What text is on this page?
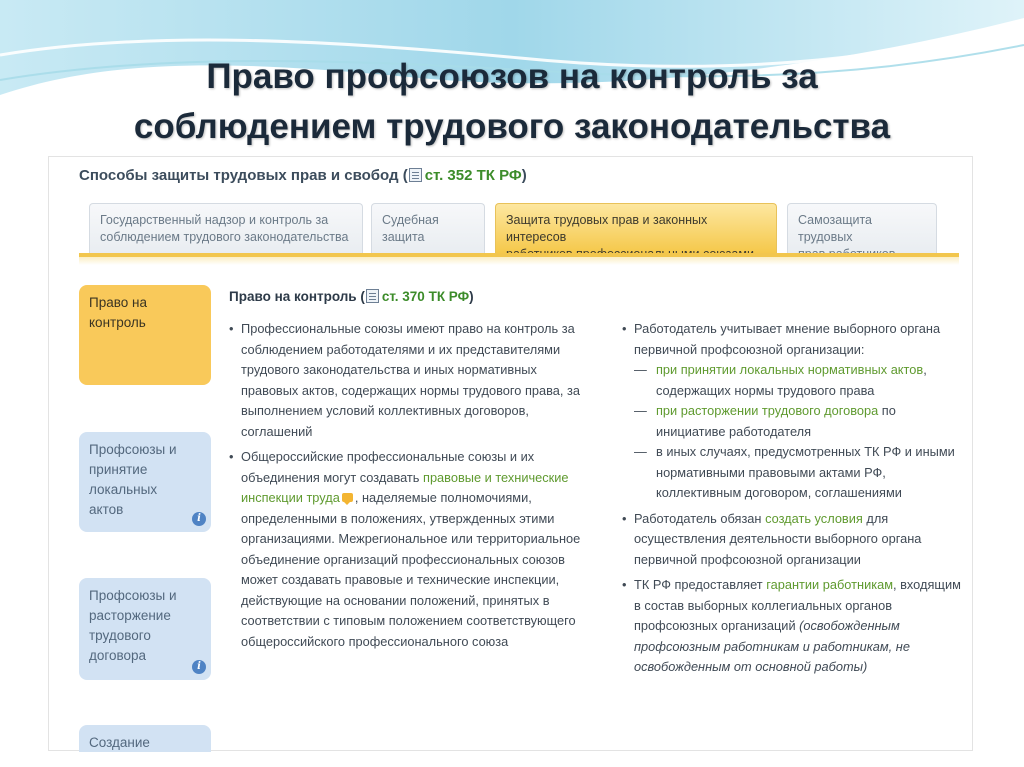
Право профсоюзов на контроль за
соблюдением трудового законодательства
Способы защиты трудовых прав и свобод ( ст. 352 ТК РФ)
Государственный надзор и контроль за
соблюдением трудового законодательства
Судебная
защита
Защита трудовых прав и законных интересов
Самозащита трудовых
Право на
контроль
Профсоюзы и
принятие
локальных
актов
i
Профсоюзы и
расторжение
трудового
договора
i
Создание
Право на контроль ( ст. 370 ТК РФ)
• Профессиональные союзы имеют право на контроль за соблюдением работодателями и их представителями трудового законодательства и иных нормативных правовых актов, содержащих нормы трудового права, за выполнением условий коллективных договоров, соглашений
• Общероссийские профессиональные союзы и их объединения могут создавать правовые и технические инспекции труда , наделяемые полномочиями, определенными в положениях, утвержденных этими организациями. Межрегиональное или территориальное объединение организаций профессиональных союзов может создавать правовые и технические инспекции, действующие на основании положений, принятых в соответствии с типовым положением соответствующего общероссийского профессионального союза
• Работодатель учитывает мнение выборного органа первичной профсоюзной организации:
— при принятии локальных нормативных актов, содержащих нормы трудового права
— при расторжении трудового договора по инициативе работодателя
— в иных случаях, предусмотренных ТК РФ и иными нормативными правовыми актами РФ, коллективным договором, соглашениями
• Работодатель обязан создать условия для осуществления деятельности выборного органа первичной профсоюзной организации
• ТК РФ предоставляет гарантии работникам, входящим в состав выборных коллегиальных органов профсоюзных организаций (освобожденным профсоюзным работникам и работникам, не освобожденным от основной работы)
